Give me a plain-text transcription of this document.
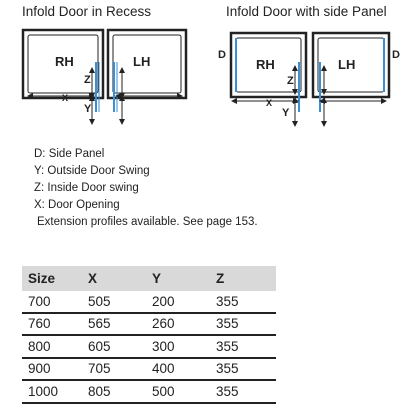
Infold Door in Recess	Infold Door with side Panel
RH	LH
Z
Y
X
D
RH
D
LH
Z
Y
X
D: Side Panel
Y: Outside Door Swing
Z: Inside Door swing
X: Door Opening
Extension profiles available. See page 153.
Size	X	Y	Z
700	505	200	355
760	565	260	355
800	605	300	355
900	705	400	355
1000	805	500	355
